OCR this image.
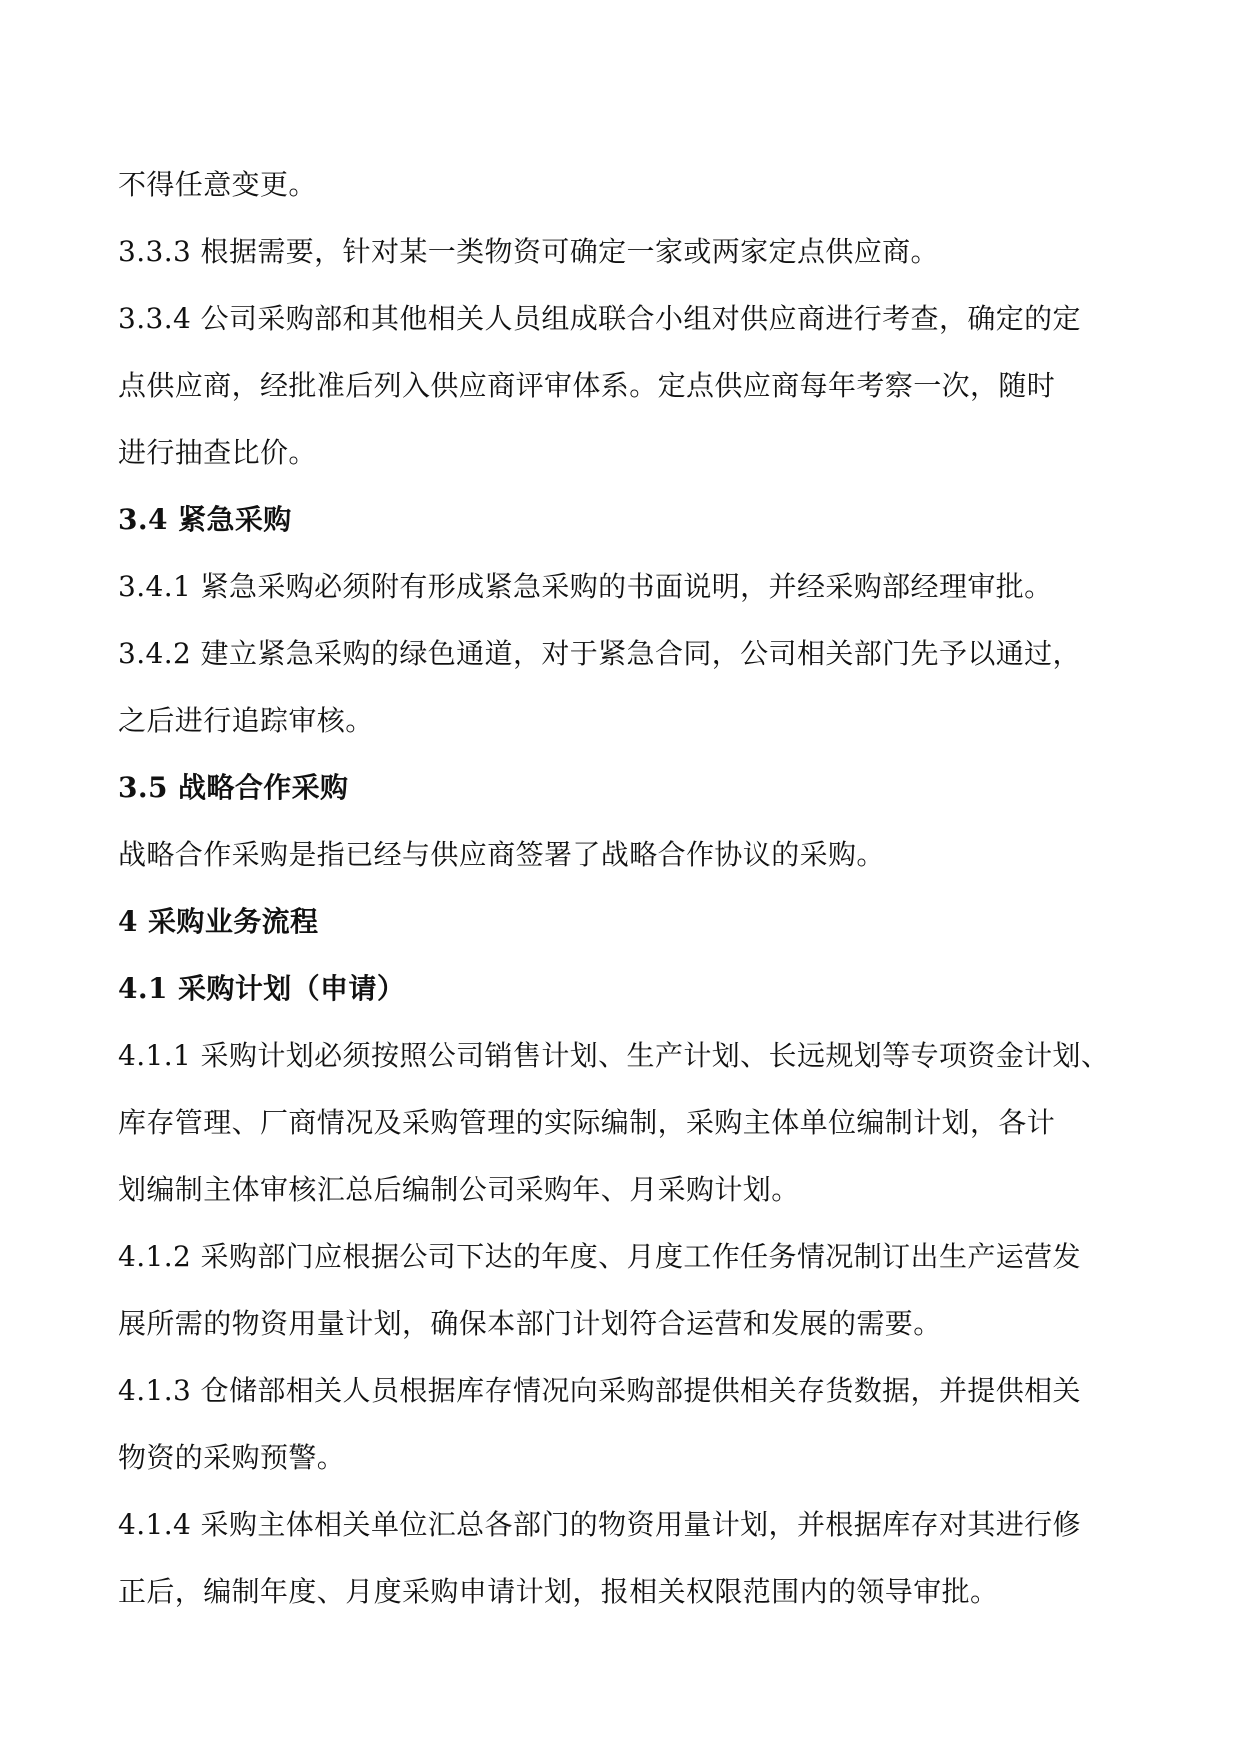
不得任意变更。
3.3.3 根据需要，针对某一类物资可确定一家或两家定点供应商。
3.3.4 公司采购部和其他相关人员组成联合小组对供应商进行考查，确定的定
点供应商，经批准后列入供应商评审体系。定点供应商每年考察一次，随时
进行抽查比价。
3.4 紧急采购
3.4.1 紧急采购必须附有形成紧急采购的书面说明，并经采购部经理审批。
3.4.2 建立紧急采购的绿色通道，对于紧急合同，公司相关部门先予以通过，
之后进行追踪审核。
3.5 战略合作采购
战略合作采购是指已经与供应商签署了战略合作协议的采购。
4 采购业务流程
4.1 采购计划（申请）
4.1.1 采购计划必须按照公司销售计划、生产计划、长远规划等专项资金计划、
库存管理、厂商情况及采购管理的实际编制，采购主体单位编制计划，各计
划编制主体审核汇总后编制公司采购年、月采购计划。
4.1.2 采购部门应根据公司下达的年度、月度工作任务情况制订出生产运营发
展所需的物资用量计划，确保本部门计划符合运营和发展的需要。
4.1.3 仓储部相关人员根据库存情况向采购部提供相关存货数据，并提供相关
物资的采购预警。
4.1.4 采购主体相关单位汇总各部门的物资用量计划，并根据库存对其进行修
正后，编制年度、月度采购申请计划，报相关权限范围内的领导审批。
